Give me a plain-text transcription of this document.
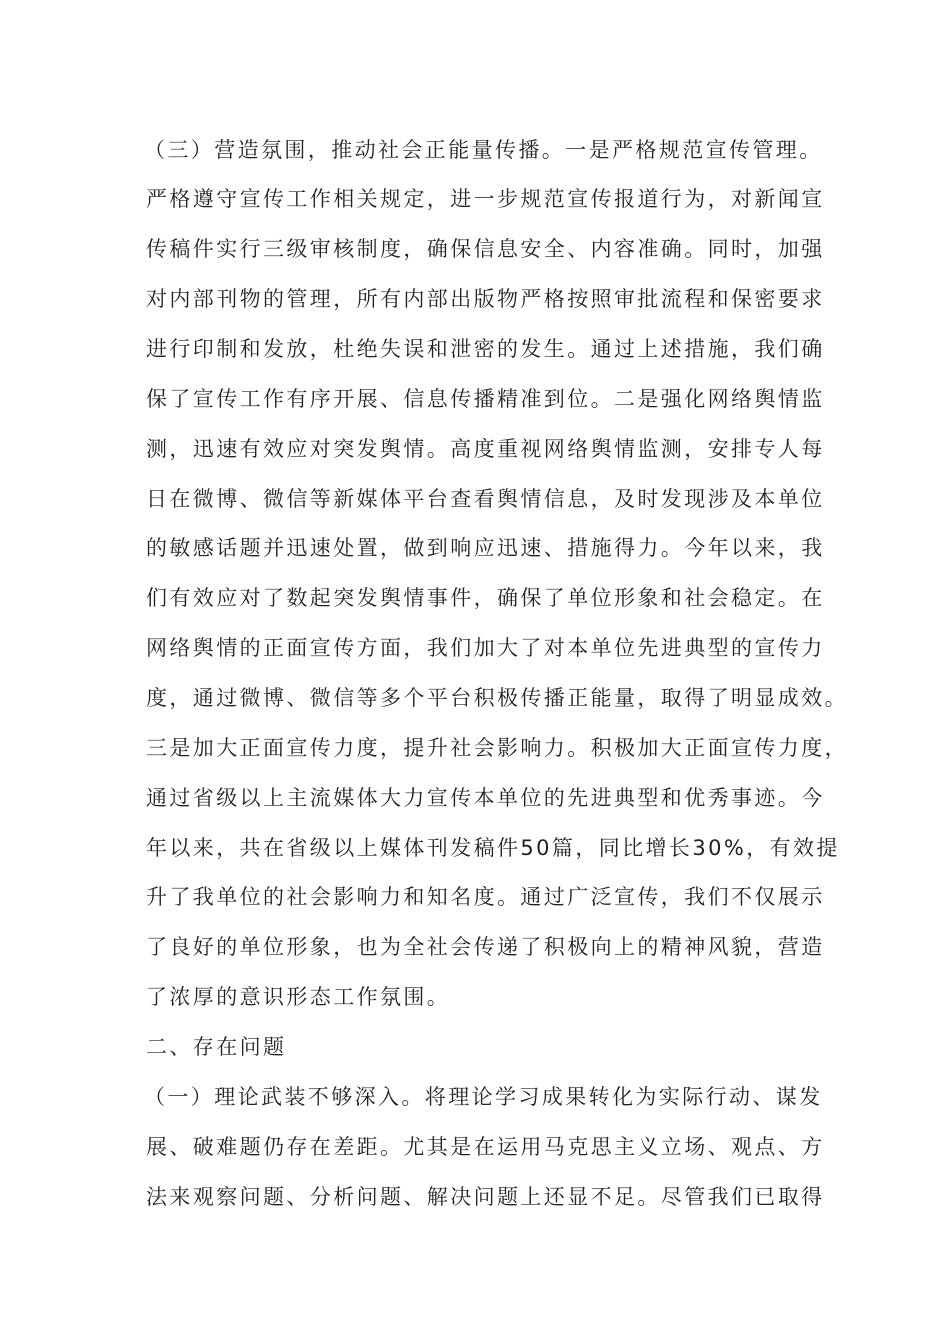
（三）营造氛围，推动社会正能量传播。一是严格规范宣传管理。
严格遵守宣传工作相关规定，进一步规范宣传报道行为，对新闻宣
传稿件实行三级审核制度，确保信息安全、内容准确。同时，加强
对内部刊物的管理，所有内部出版物严格按照审批流程和保密要求
进行印制和发放，杜绝失误和泄密的发生。通过上述措施，我们确
保了宣传工作有序开展、信息传播精准到位。二是强化网络舆情监
测，迅速有效应对突发舆情。高度重视网络舆情监测，安排专人每
日在微博、微信等新媒体平台查看舆情信息，及时发现涉及本单位
的敏感话题并迅速处置，做到响应迅速、措施得力。今年以来，我
们有效应对了数起突发舆情事件，确保了单位形象和社会稳定。在
网络舆情的正面宣传方面，我们加大了对本单位先进典型的宣传力
度，通过微博、微信等多个平台积极传播正能量，取得了明显成效。
三是加大正面宣传力度，提升社会影响力。积极加大正面宣传力度，
通过省级以上主流媒体大力宣传本单位的先进典型和优秀事迹。今
年以来，共在省级以上媒体刊发稿件50篇，同比增长30%，有效提
升了我单位的社会影响力和知名度。通过广泛宣传，我们不仅展示
了良好的单位形象，也为全社会传递了积极向上的精神风貌，营造
了浓厚的意识形态工作氛围。
二、存在问题
（一）理论武装不够深入。将理论学习成果转化为实际行动、谋发
展、破难题仍存在差距。尤其是在运用马克思主义立场、观点、方
法来观察问题、分析问题、解决问题上还显不足。尽管我们已取得
